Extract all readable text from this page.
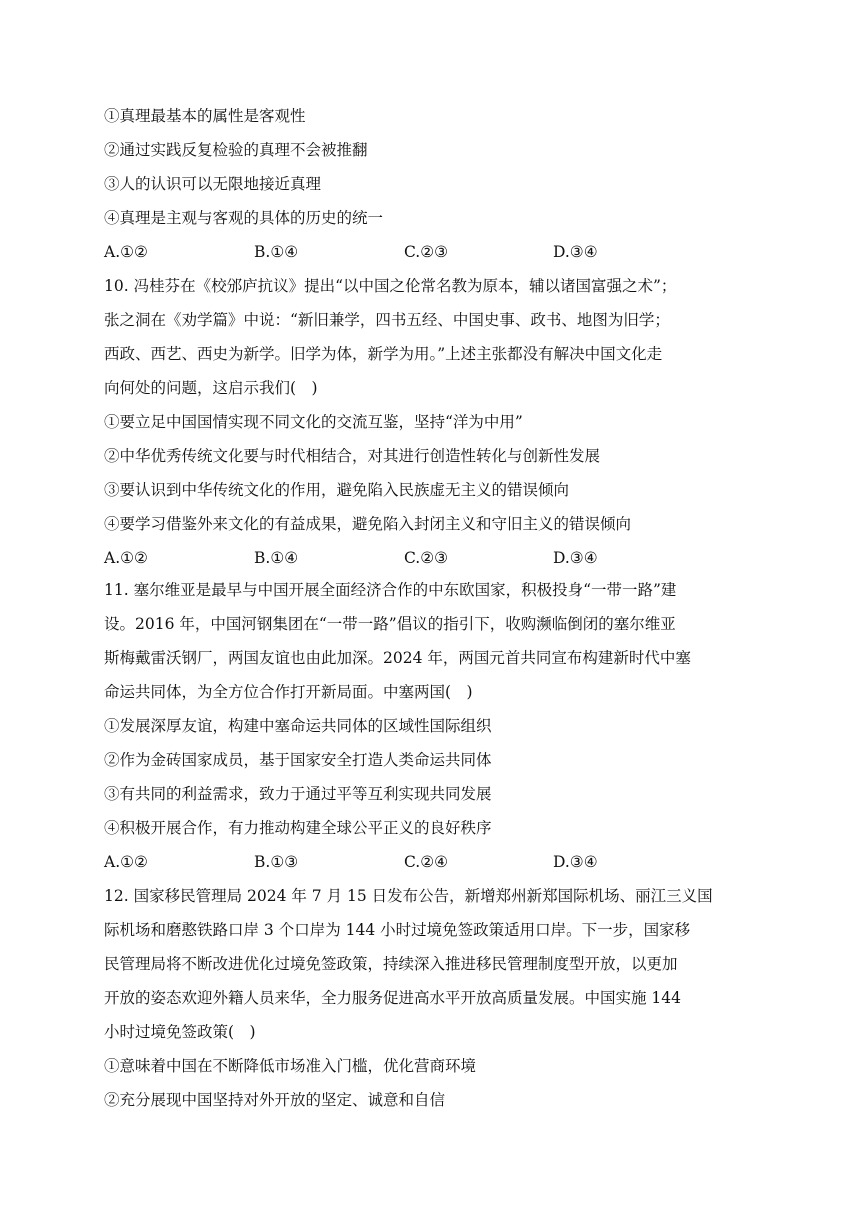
①真理最基本的属性是客观性
②通过实践反复检验的真理不会被推翻
③人的认识可以无限地接近真理
④真理是主观与客观的具体的历史的统一
A.①②	B.①④	C.②③	D.③④
10. 冯桂芬在《校邠庐抗议》提出“以中国之伦常名教为原本，辅以诸国富强之术”；
张之洞在《劝学篇》中说：“新旧兼学，四书五经、中国史事、政书、地图为旧学；
西政、西艺、西史为新学。旧学为体，新学为用。”上述主张都没有解决中国文化走
向何处的问题，这启示我们(　)
①要立足中国国情实现不同文化的交流互鉴，坚持“洋为中用”
②中华优秀传统文化要与时代相结合，对其进行创造性转化与创新性发展
③要认识到中华传统文化的作用，避免陷入民族虚无主义的错误倾向
④要学习借鉴外来文化的有益成果，避免陷入封闭主义和守旧主义的错误倾向
A.①②	B.①④	C.②③	D.③④
11. 塞尔维亚是最早与中国开展全面经济合作的中东欧国家，积极投身“一带一路”建
设。2016 年，中国河钢集团在“一带一路”倡议的指引下，收购濒临倒闭的塞尔维亚
斯梅戴雷沃钢厂，两国友谊也由此加深。2024 年，两国元首共同宣布构建新时代中塞
命运共同体，为全方位合作打开新局面。中塞两国(　)
①发展深厚友谊，构建中塞命运共同体的区域性国际组织
②作为金砖国家成员，基于国家安全打造人类命运共同体
③有共同的利益需求，致力于通过平等互利实现共同发展
④积极开展合作，有力推动构建全球公平正义的良好秩序
A.①②	B.①③	C.②④	D.③④
12. 国家移民管理局 2024 年 7 月 15 日发布公告，新增郑州新郑国际机场、丽江三义国
际机场和磨憨铁路口岸 3 个口岸为 144 小时过境免签政策适用口岸。下一步，国家移
民管理局将不断改进优化过境免签政策，持续深入推进移民管理制度型开放，以更加
开放的姿态欢迎外籍人员来华，全力服务促进高水平开放高质量发展。中国实施 144
小时过境免签政策(　)
①意味着中国在不断降低市场准入门槛，优化营商环境
②充分展现中国坚持对外开放的坚定、诚意和自信
